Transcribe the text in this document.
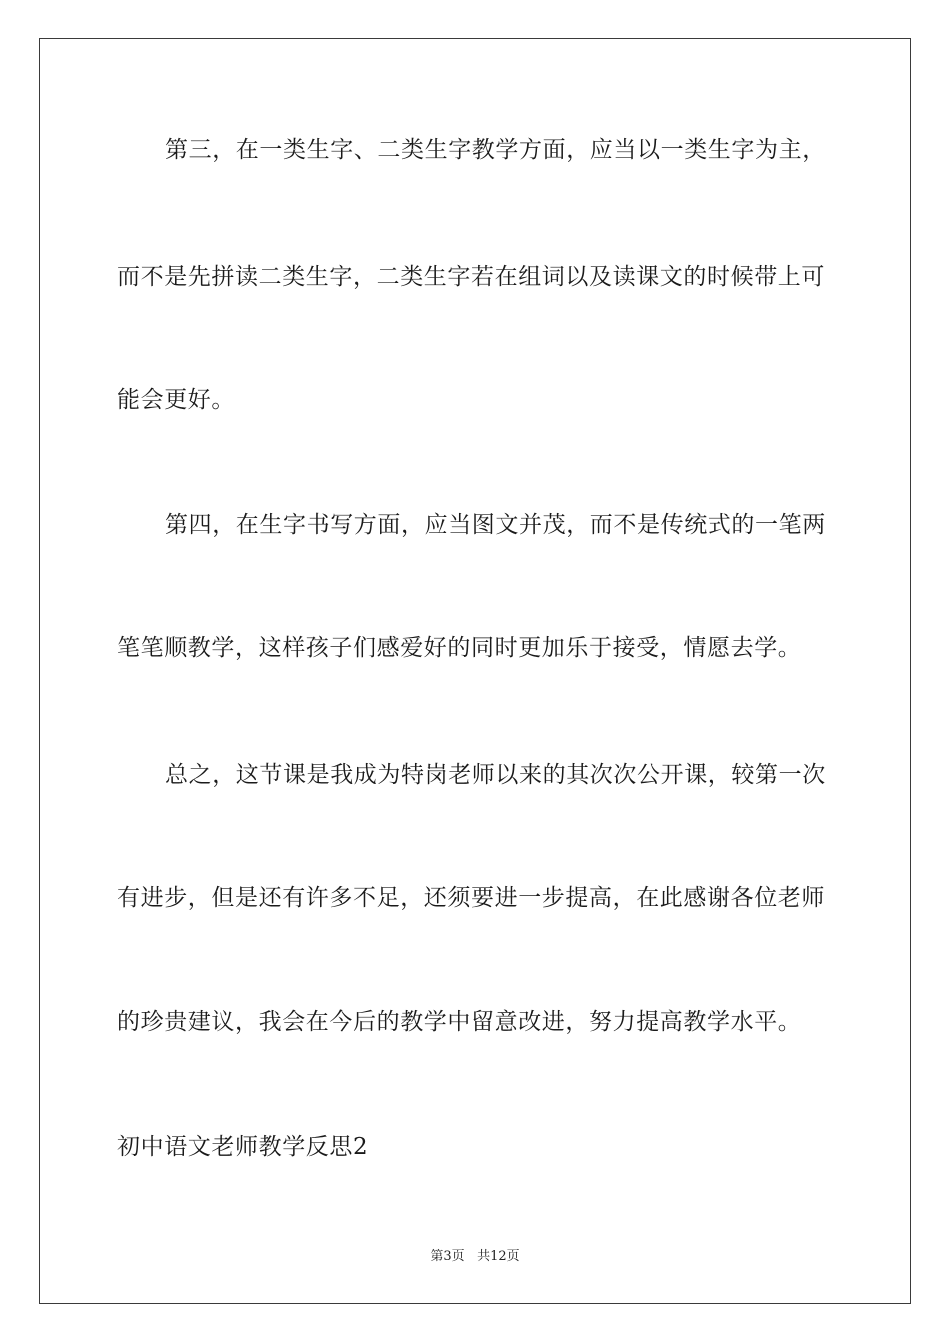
第三，在一类生字、二类生字教学方面，应当以一类生字为主，
而不是先拼读二类生字，二类生字若在组词以及读课文的时候带上可
能会更好。
第四，在生字书写方面，应当图文并茂，而不是传统式的一笔两
笔笔顺教学，这样孩子们感爱好的同时更加乐于接受，情愿去学。
总之，这节课是我成为特岗老师以来的其次次公开课，较第一次
有进步，但是还有许多不足，还须要进一步提高，在此感谢各位老师
的珍贵建议，我会在今后的教学中留意改进，努力提高教学水平。
初中语文老师教学反思2
第3页 共12页
